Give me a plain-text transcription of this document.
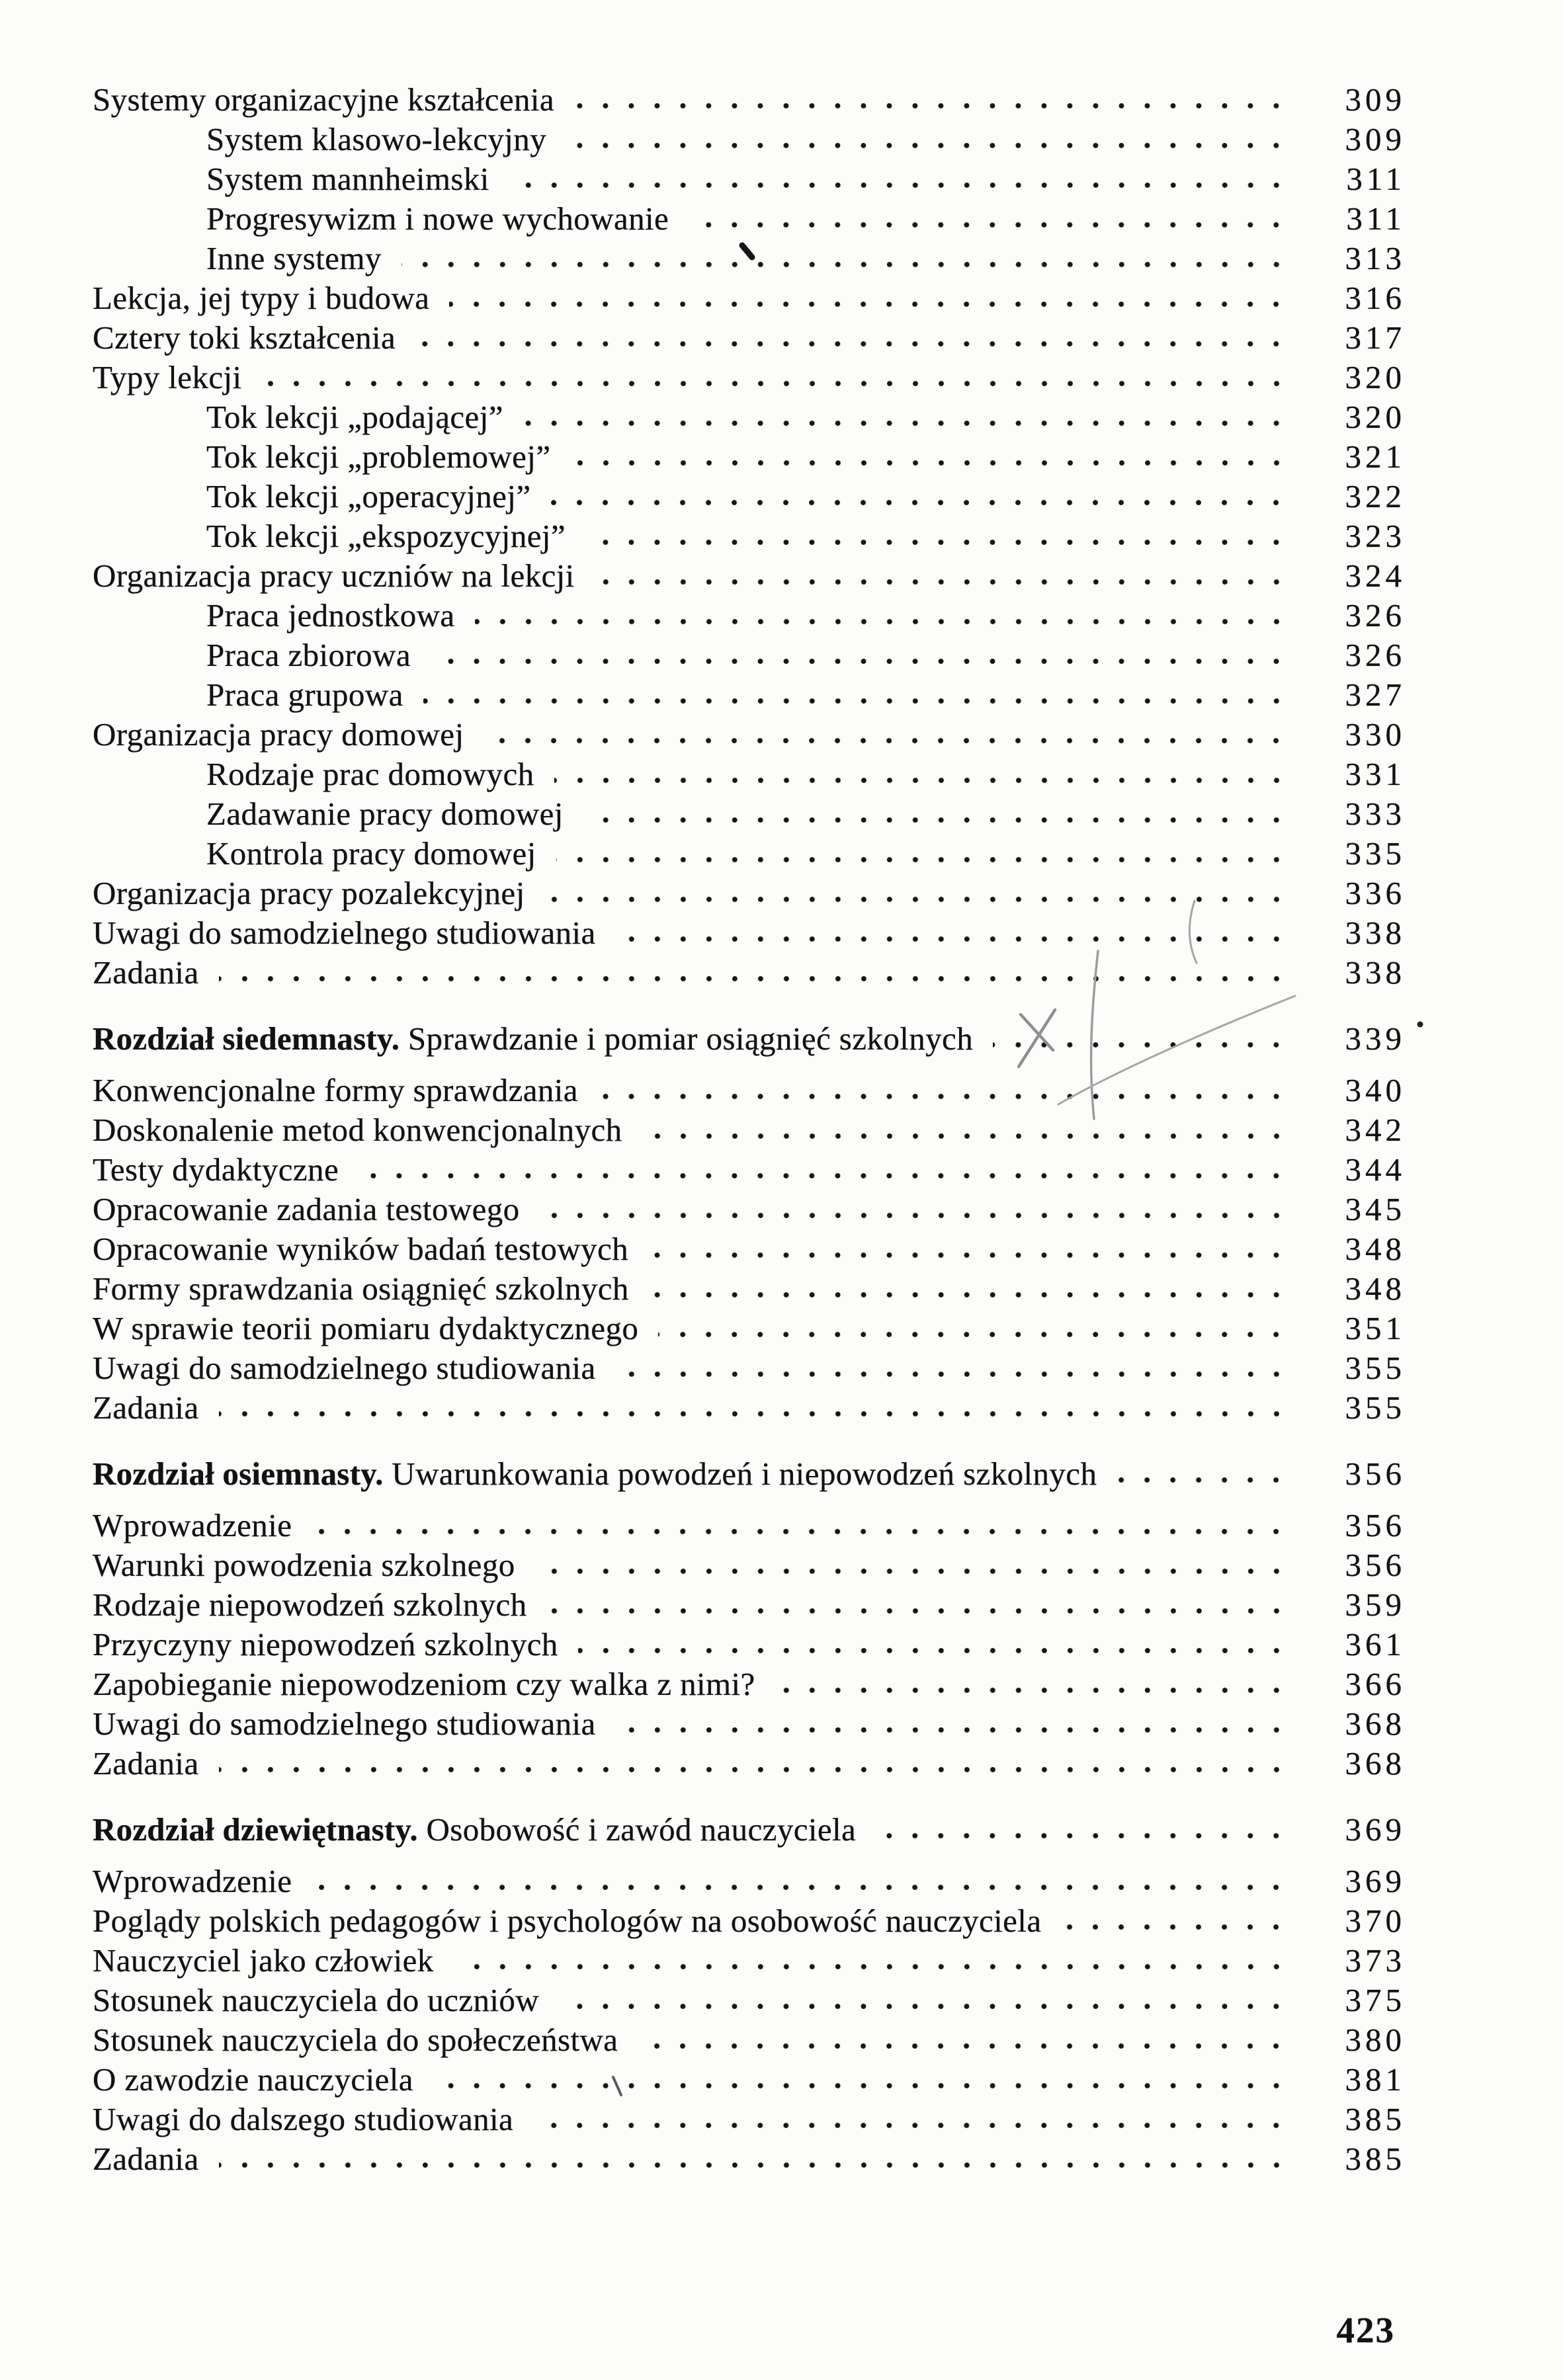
Systemy organizacyjne kształcenia	309
System klasowo-lekcyjny	309
System mannheimski	311
Progresywizm i nowe wychowanie	311
Inne systemy	313
Lekcja, jej typy i budowa	316
Cztery toki kształcenia	317
Typy lekcji	320
Tok lekcji „podającej”	320
Tok lekcji „problemowej”	321
Tok lekcji „operacyjnej”	322
Tok lekcji „ekspozycyjnej”	323
Organizacja pracy uczniów na lekcji	324
Praca jednostkowa	326
Praca zbiorowa	326
Praca grupowa	327
Organizacja pracy domowej	330
Rodzaje prac domowych	331
Zadawanie pracy domowej	333
Kontrola pracy domowej	335
Organizacja pracy pozalekcyjnej	336
Uwagi do samodzielnego studiowania	338
Zadania	338
Rozdział siedemnasty. Sprawdzanie i pomiar osiągnięć szkolnych	339
Konwencjonalne formy sprawdzania	340
Doskonalenie metod konwencjonalnych	342
Testy dydaktyczne	344
Opracowanie zadania testowego	345
Opracowanie wyników badań testowych	348
Formy sprawdzania osiągnięć szkolnych	348
W sprawie teorii pomiaru dydaktycznego	351
Uwagi do samodzielnego studiowania	355
Zadania	355
Rozdział osiemnasty. Uwarunkowania powodzeń i niepowodzeń szkolnych	356
Wprowadzenie	356
Warunki powodzenia szkolnego	356
Rodzaje niepowodzeń szkolnych	359
Przyczyny niepowodzeń szkolnych	361
Zapobieganie niepowodzeniom czy walka z nimi?	366
Uwagi do samodzielnego studiowania	368
Zadania	368
Rozdział dziewiętnasty. Osobowość i zawód nauczyciela	369
Wprowadzenie	369
Poglądy polskich pedagogów i psychologów na osobowość nauczyciela	370
Nauczyciel jako człowiek	373
Stosunek nauczyciela do uczniów	375
Stosunek nauczyciela do społeczeństwa	380
O zawodzie nauczyciela	381
Uwagi do dalszego studiowania	385
Zadania	385
423
